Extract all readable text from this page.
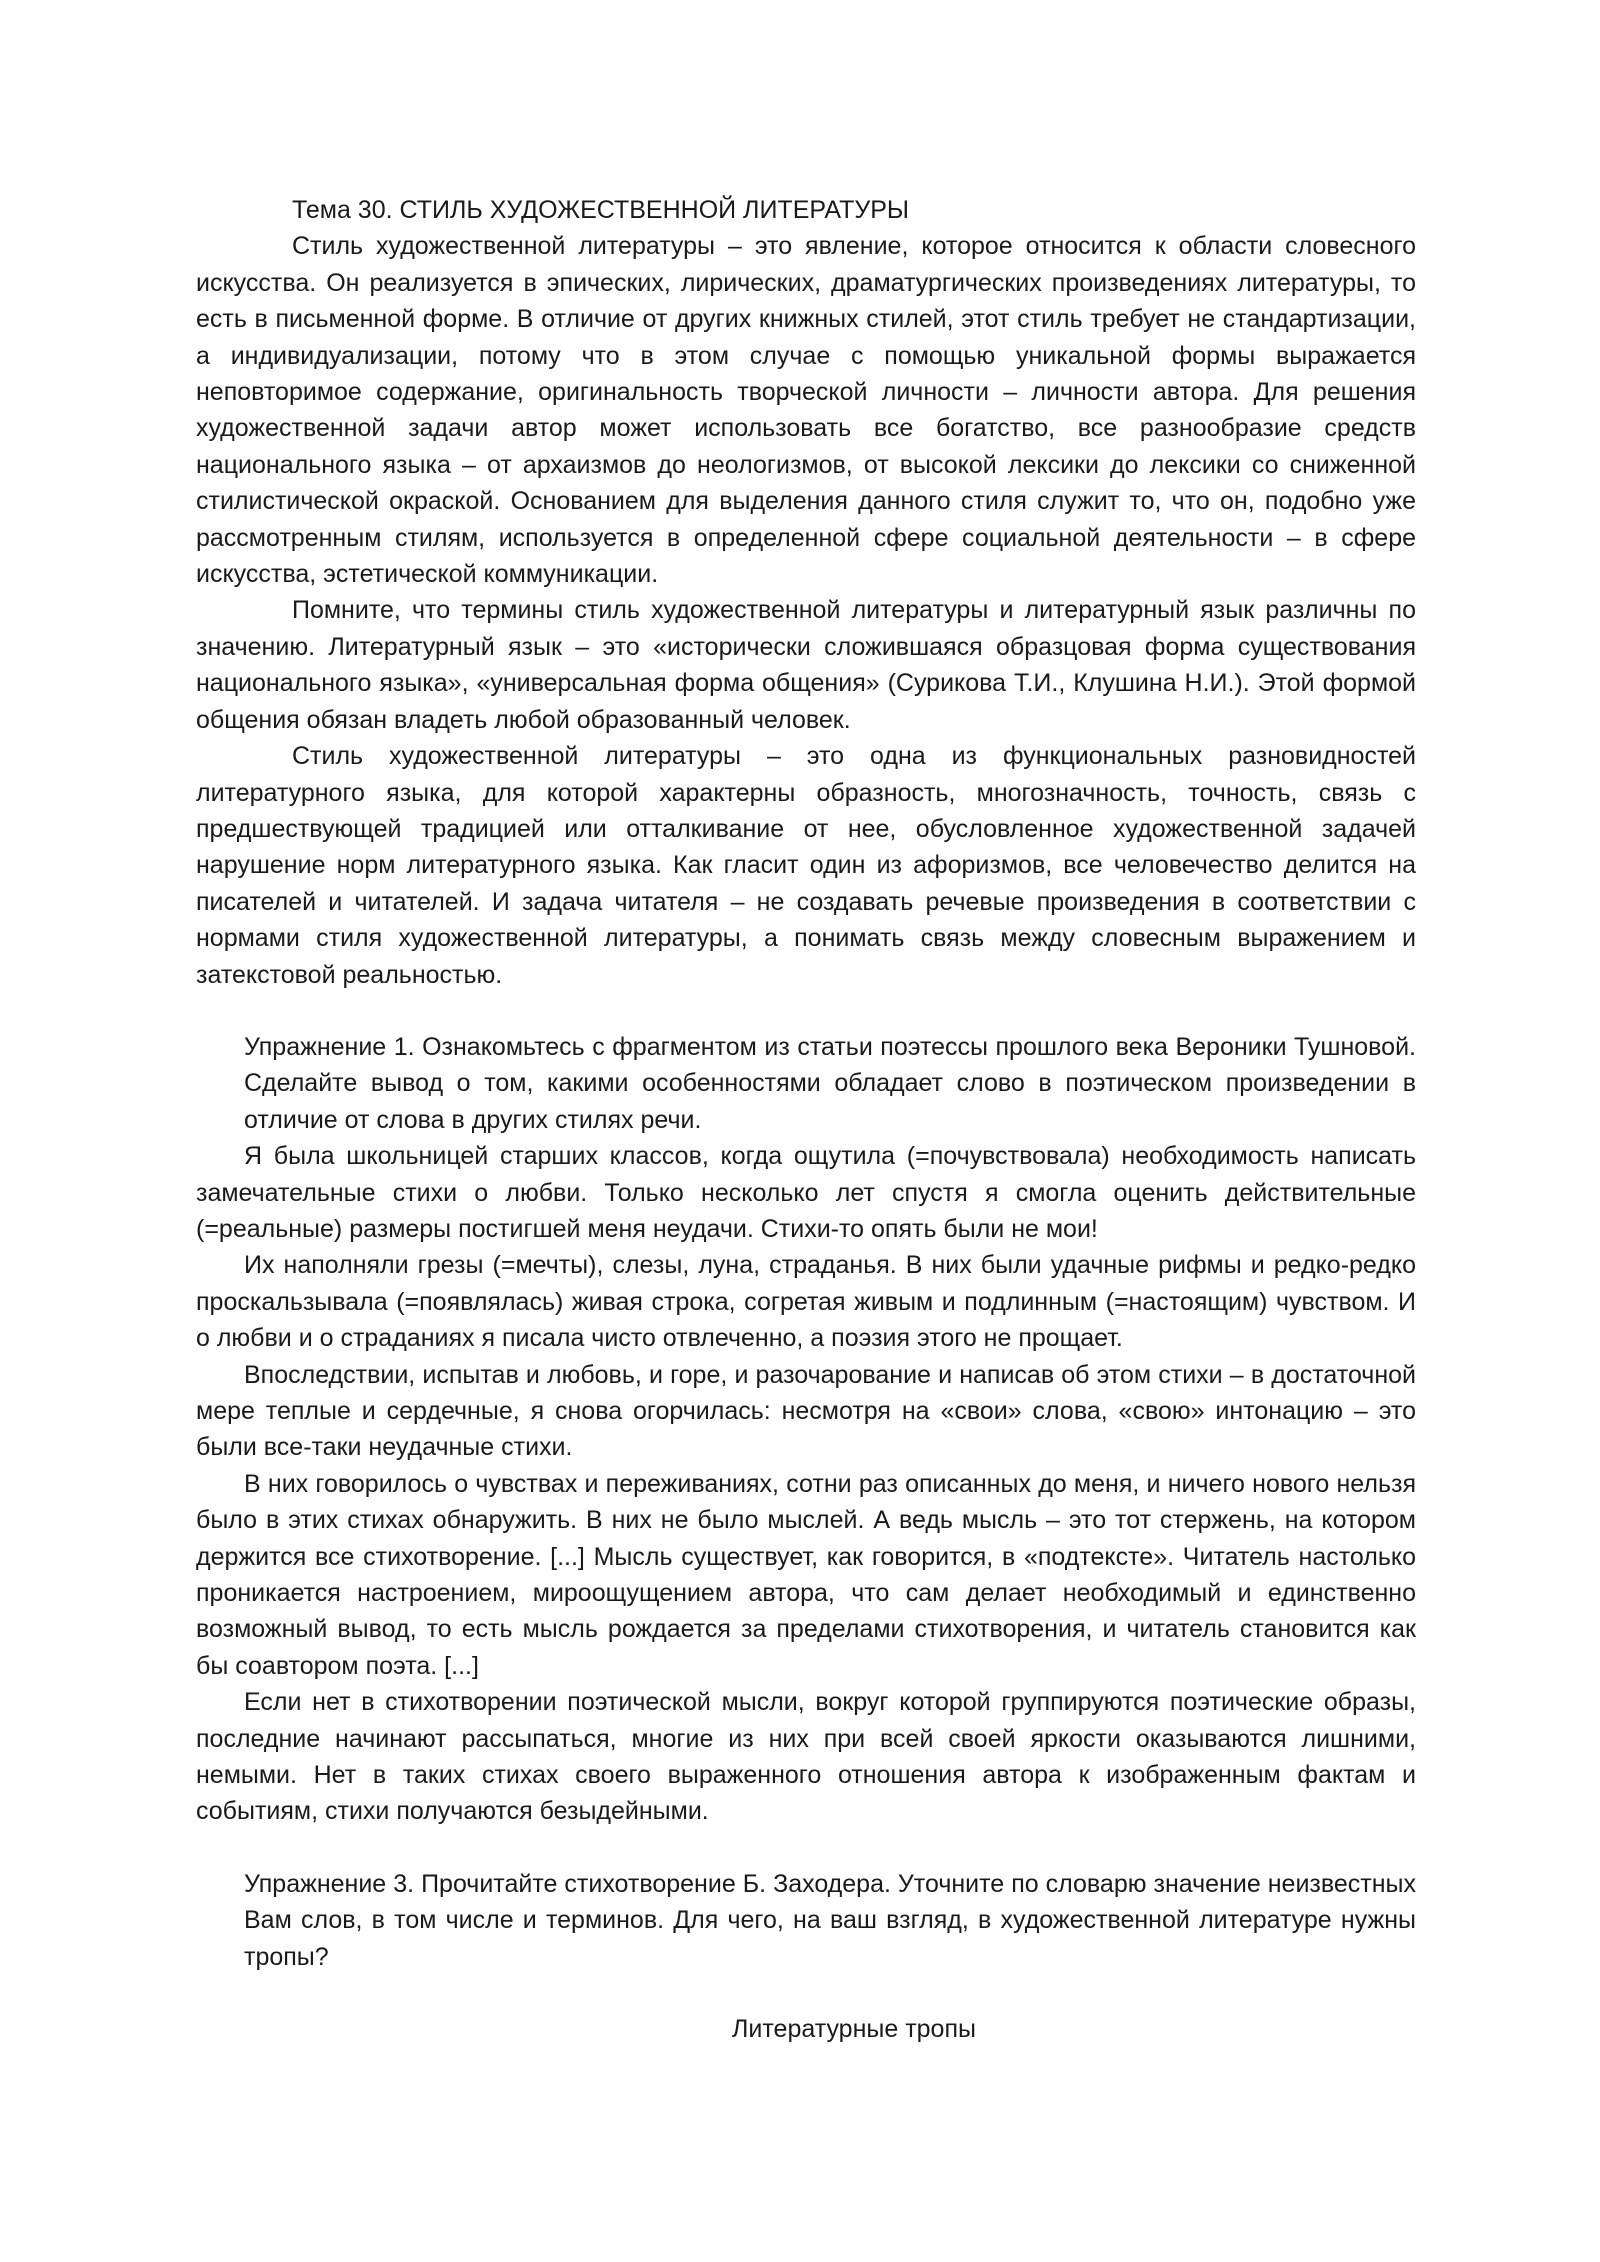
Тема 30. СТИЛЬ ХУДОЖЕСТВЕННОЙ ЛИТЕРАТУРЫ

Стиль художественной литературы – это явление, которое относится к области словесного искусства. Он реализуется в эпических, лирических, драматургических произведениях литературы, то есть в письменной форме. В отличие от других книжных стилей, этот стиль требует не стандартизации, а индивидуализации, потому что в этом случае с помощью уникальной формы выражается неповторимое содержание, оригинальность творческой личности – личности автора. Для решения художественной задачи автор может использовать все богатство, все разнообразие средств национального языка – от архаизмов до неологизмов, от высокой лексики до лексики со сниженной стилистической окраской. Основанием для выделения данного стиля служит то, что он, подобно уже рассмотренным стилям, используется в определенной сфере социальной деятельности – в сфере искусства, эстетической коммуникации.

Помните, что термины стиль художественной литературы и литературный язык различны по значению. Литературный язык – это «исторически сложившаяся образцовая форма существования национального языка», «универсальная форма общения» (Сурикова Т.И., Клушина Н.И.). Этой формой общения обязан владеть любой образованный человек.

Стиль художественной литературы – это одна из функциональных разновидностей литературного языка, для которой характерны образность, многозначность, точность, связь с предшествующей традицией или отталкивание от нее, обусловленное художественной задачей нарушение норм литературного языка. Как гласит один из афоризмов, все человечество делится на писателей и читателей. И задача читателя – не создавать речевые произведения в соответствии с нормами стиля художественной литературы, а понимать связь между словесным выражением и затекстовой реальностью.

Упражнение 1. Ознакомьтесь с фрагментом из статьи поэтессы прошлого века Вероники Тушновой. Сделайте вывод о том, какими особенностями обладает слово в поэтическом произведении в отличие от слова в других стилях речи.

Я была школьницей старших классов, когда ощутила (=почувствовала) необходимость написать замечательные стихи о любви. Только несколько лет спустя я смогла оценить действительные (=реальные) размеры постигшей меня неудачи. Стихи-то опять были не мои!

Их наполняли грезы (=мечты), слезы, луна, страданья. В них были удачные рифмы и редко-редко проскальзывала (=появлялась) живая строка, согретая живым и подлинным (=настоящим) чувством. И о любви и о страданиях я писала чисто отвлеченно, а поэзия этого не прощает.

Впоследствии, испытав и любовь, и горе, и разочарование и написав об этом стихи – в достаточной мере теплые и сердечные, я снова огорчилась: несмотря на «свои» слова, «свою» интонацию – это были все-таки неудачные стихи.

В них говорилось о чувствах и переживаниях, сотни раз описанных до меня, и ничего нового нельзя было в этих стихах обнаружить. В них не было мыслей. А ведь мысль – это тот стержень, на котором держится все стихотворение. [...] Мысль существует, как говорится, в «подтексте». Читатель настолько проникается настроением, мироощущением автора, что сам делает необходимый и единственно возможный вывод, то есть мысль рождается за пределами стихотворения, и читатель становится как бы соавтором поэта. [...]

Если нет в стихотворении поэтической мысли, вокруг которой группируются поэтические образы, последние начинают рассыпаться, многие из них при всей своей яркости оказываются лишними, немыми. Нет в таких стихах своего выраженного отношения автора к изображенным фактам и событиям, стихи получаются безыдейными.

Упражнение 3. Прочитайте стихотворение Б. Заходера. Уточните по словарю значение неизвестных Вам слов, в том числе и терминов. Для чего, на ваш взгляд, в художественной литературе нужны тропы?

Литературные тропы
